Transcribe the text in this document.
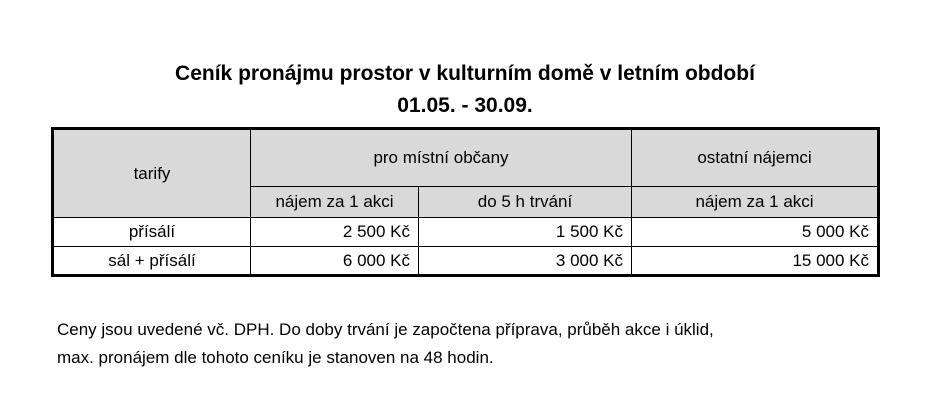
Ceník pronájmu prostor v kulturním domě v letním období
01.05. - 30.09.
tarify	pro místní občany		ostatní nájemci
	nájem za 1 akci	do 5 h trvání	nájem za 1 akci
přísálí	2 500 Kč	1 500 Kč	5 000 Kč
sál + přísálí	6 000 Kč	3 000 Kč	15 000 Kč

Ceny jsou uvedené vč. DPH. Do doby trvání je započtena příprava, průběh akce i úklid,

max. pronájem dle tohoto ceníku je stanoven na 48 hodin.
